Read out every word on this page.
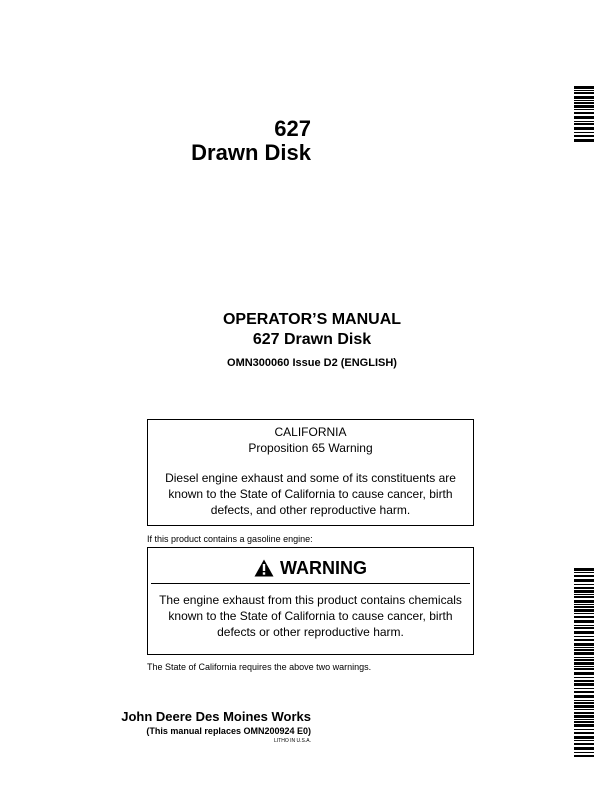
627
Drawn Disk
OPERATOR’S MANUAL
627 Drawn Disk
OMN300060 Issue D2 (ENGLISH)

CALIFORNIA

Proposition 65 Warning

Diesel engine exhaust and some of its constituents are

known to the State of California to cause cancer, birth

defects, and other reproductive harm.

If this product contains a gasoline engine:
WARNING

The engine exhaust from this product contains chemicals

known to the State of California to cause cancer, birth

defects or other reproductive harm.

The State of California requires the above two warnings.
John Deere Des Moines Works
(This manual replaces OMN200924 E0)
LITHO IN U.S.A.
